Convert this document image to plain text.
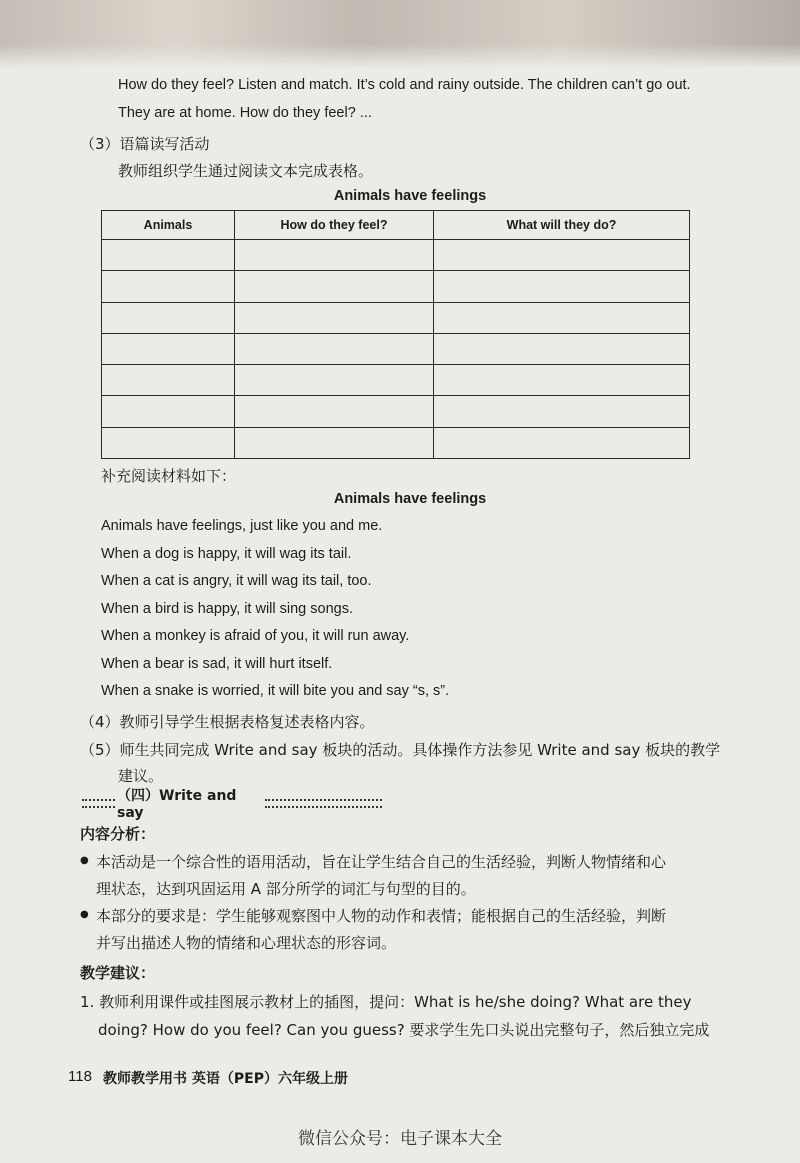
How do they feel? Listen and match. It’s cold and rainy outside. The children can’t go out.
They are at home. How do they feel? ...
（3）语篇读写活动
教师组织学生通过阅读文本完成表格。
Animals have feelings
Animals	How do they feel?	What will they do?

补充阅读材料如下：
Animals have feelings
Animals have feelings, just like you and me.
When a dog is happy, it will wag its tail.
When a cat is angry, it will wag its tail, too.
When a bird is happy, it will sing songs.
When a monkey is afraid of you, it will run away.
When a bear is sad, it will hurt itself.
When a snake is worried, it will bite you and say “s, s”.
（4）教师引导学生根据表格复述表格内容。
（5）师生共同完成 Write and say 板块的活动。具体操作方法参见 Write and say 板块的教学
建议。
（四）Write and say
内容分析：
● 本活动是一个综合性的语用活动，旨在让学生结合自己的生活经验，判断人物情绪和心
理状态，达到巩固运用 A 部分所学的词汇与句型的目的。
● 本部分的要求是：学生能够观察图中人物的动作和表情；能根据自己的生活经验，判断
并写出描述人物的情绪和心理状态的形容词。
教学建议：
1. 教师利用课件或挂图展示教材上的插图，提问：What is he/she doing? What are they
doing? How do you feel? Can you guess? 要求学生先口头说出完整句子，然后独立完成
118 教师教学用书 英语（PEP）六年级上册
微信公众号：电子课本大全
